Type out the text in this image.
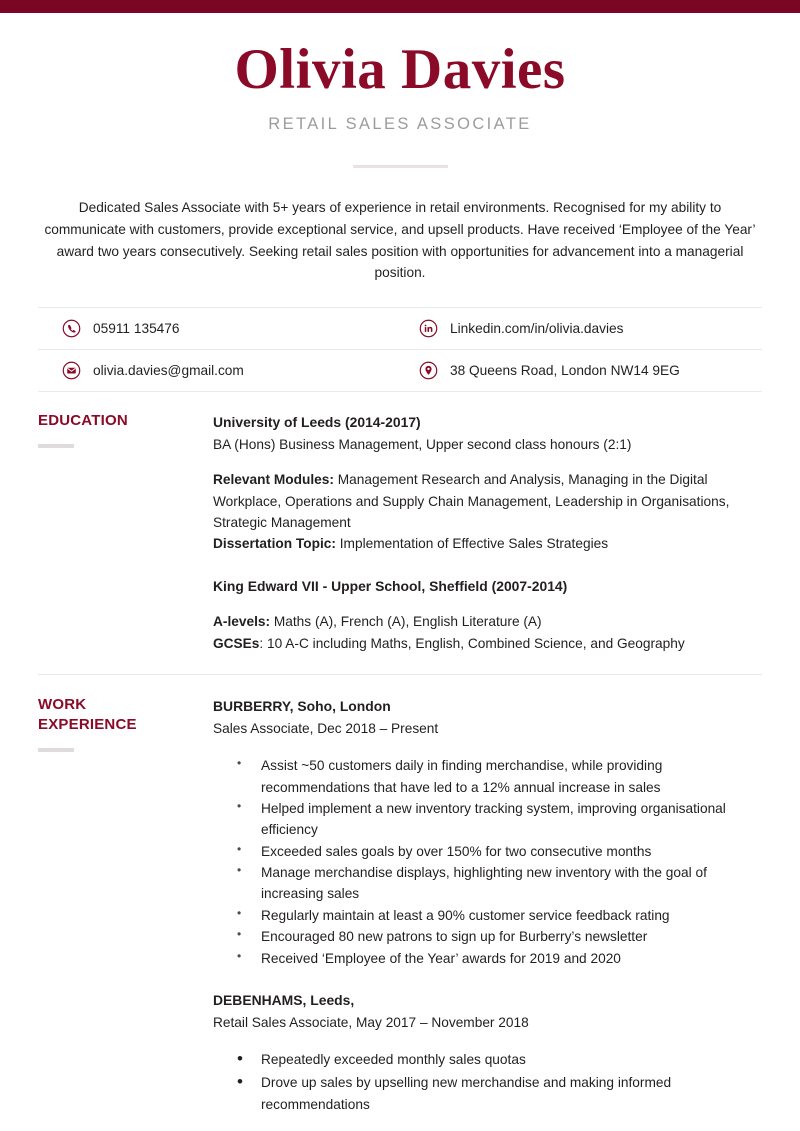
Olivia Davies
RETAIL SALES ASSOCIATE
Dedicated Sales Associate with 5+ years of experience in retail environments. Recognised for my ability to communicate with customers, provide exceptional service, and upsell products. Have received ‘Employee of the Year’ award two years consecutively. Seeking retail sales position with opportunities for advancement into a managerial position.
05911 135476	Linkedin.com/in/olivia.davies
olivia.davies@gmail.com	38 Queens Road, London NW14 9EG
EDUCATION	University of Leeds (2014-2017)
BA (Hons) Business Management, Upper second class honours (2:1)
Relevant Modules: Management Research and Analysis, Managing in the Digital Workplace, Operations and Supply Chain Management, Leadership in Organisations, Strategic Management
Dissertation Topic: Implementation of Effective Sales Strategies
King Edward VII - Upper School, Sheffield (2007-2014)
A-levels: Maths (A), French (A), English Literature (A)
GCSEs: 10 A-C including Maths, English, Combined Science, and Geography
WORK
EXPERIENCE
BURBERRY, Soho, London
Sales Associate, Dec 2018 – Present
• Assist ~50 customers daily in finding merchandise, while providing recommendations that have led to a 12% annual increase in sales
• Helped implement a new inventory tracking system, improving organisational efficiency
• Exceeded sales goals by over 150% for two consecutive months
• Manage merchandise displays, highlighting new inventory with the goal of increasing sales
• Regularly maintain at least a 90% customer service feedback rating
• Encouraged 80 new patrons to sign up for Burberry’s newsletter
• Received ‘Employee of the Year’ awards for 2019 and 2020
DEBENHAMS, Leeds,
Retail Sales Associate, May 2017 – November 2018
• Repeatedly exceeded monthly sales quotas
• Drove up sales by upselling new merchandise and making informed recommendations
